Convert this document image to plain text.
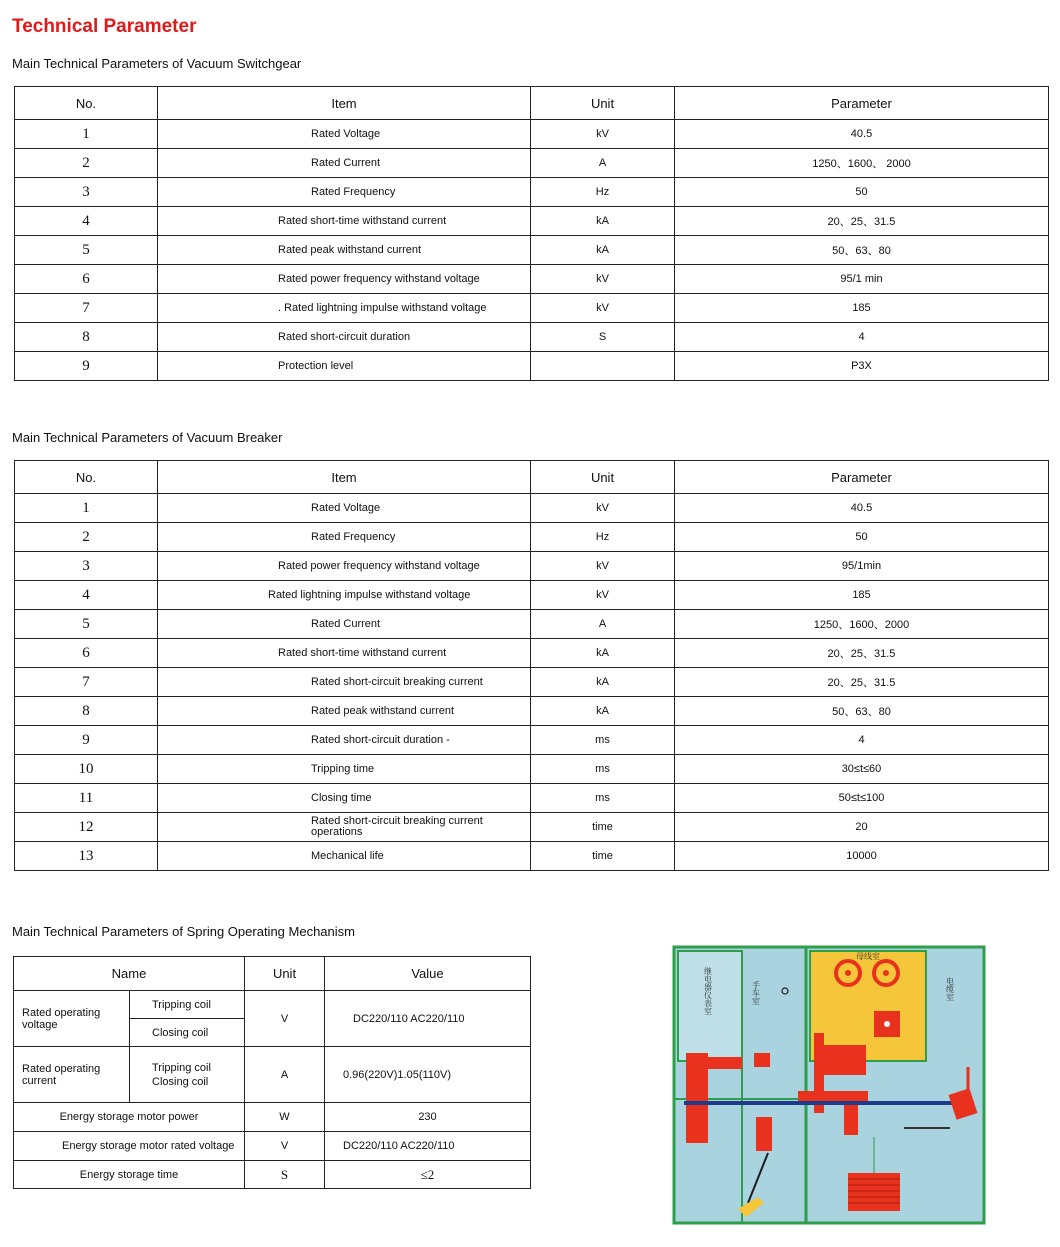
Technical Parameter
Main Technical Parameters of Vacuum Switchgear
No.	Item	Unit	Parameter
1	Rated Voltage	kV	40.5
2	Rated Current	A	1250、1600、 2000
3	Rated Frequency	Hz	50
4	Rated short-time withstand current	kA	20、25、31.5
5	Rated peak withstand current	kA	50、63、80
6	Rated power frequency withstand voltage	kV	95/1 min
7	. Rated lightning impulse withstand voltage	kV	185
8	Rated short-circuit duration	S	4
9	Protection level		P3X
Main Technical Parameters of Vacuum Breaker
No.	Item	Unit	Parameter
1	Rated Voltage	kV	40.5
2	Rated Frequency	Hz	50
3	Rated power frequency withstand voltage	kV	95/1min
4	Rated lightning impulse withstand voltage	kV	185
5	Rated Current	A	1250、1600、2000
6	Rated short-time withstand current	kA	20、25、31.5
7	Rated short-circuit breaking current	kA	20、25、31.5
8	Rated peak withstand current	kA	50、63、80
9	Rated short-circuit duration -	ms	4
10	Tripping time	ms	30≤t≤60
11	Closing time	ms	50≤t≤100
12	Rated short-circuit breaking current operations	time	20
13	Mechanical life	time	10000
Main Technical Parameters of Spring Operating Mechanism
Name		Unit	Value
Rated operating voltage	Tripping coil	V	DC220/110 AC220/110
	Closing coil		
Rated operating current	Tripping coil Closing coil	A	0.96(220V)1.05(110V)
Energy storage motor power		W	230
Energy storage motor rated voltage		V	DC220/110 AC220/110
Energy storage time		S	≤2
继电器仪表室	手车室
母线室
电缆室
